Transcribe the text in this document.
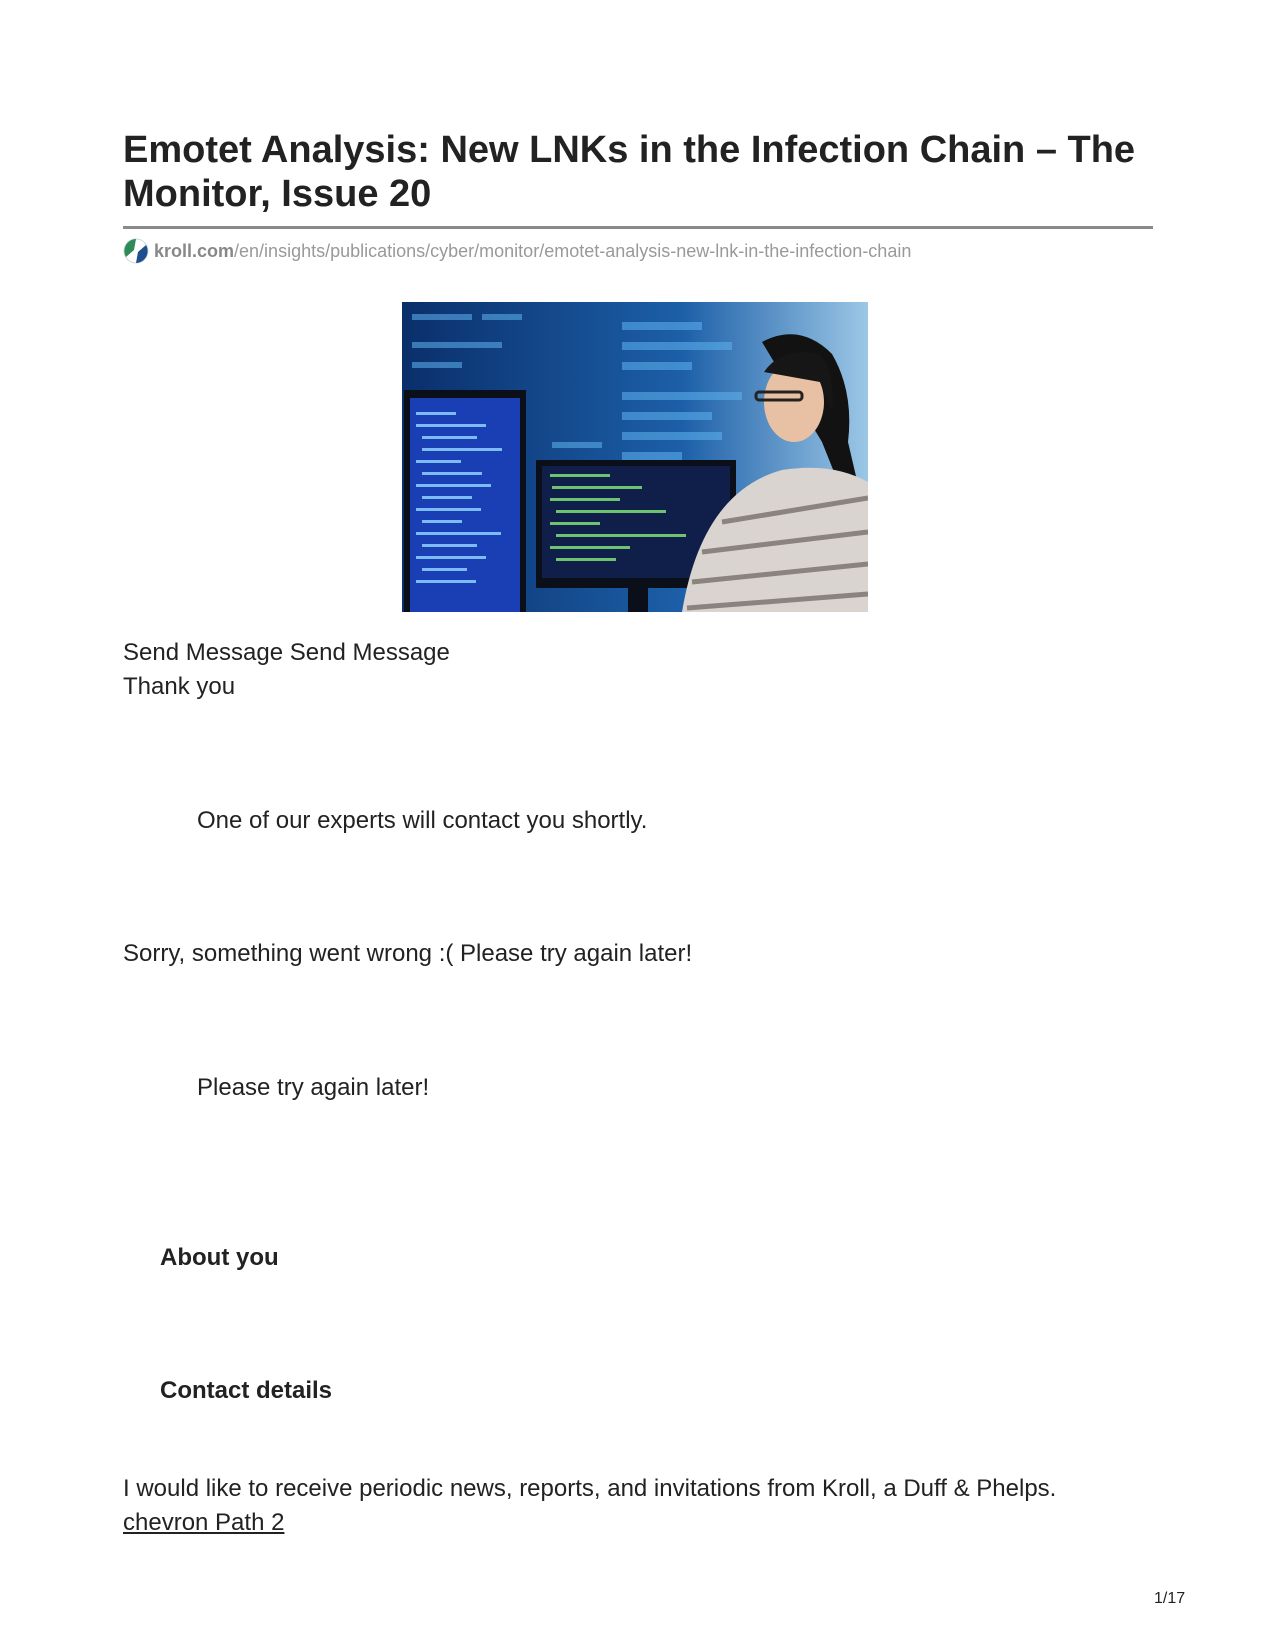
Emotet Analysis: New LNKs in the Infection Chain – The Monitor, Issue 20
kroll.com /en/insights/publications/cyber/monitor/emotet-analysis-new-lnk-in-the-infection-chain
Send Message Send Message
Thank you
One of our experts will contact you shortly.
Sorry, something went wrong :( Please try again later!
Please try again later!
About you
Contact details
I would like to receive periodic news, reports, and invitations from Kroll, a Duff & Phelps.
chevron Path 2
1/17
